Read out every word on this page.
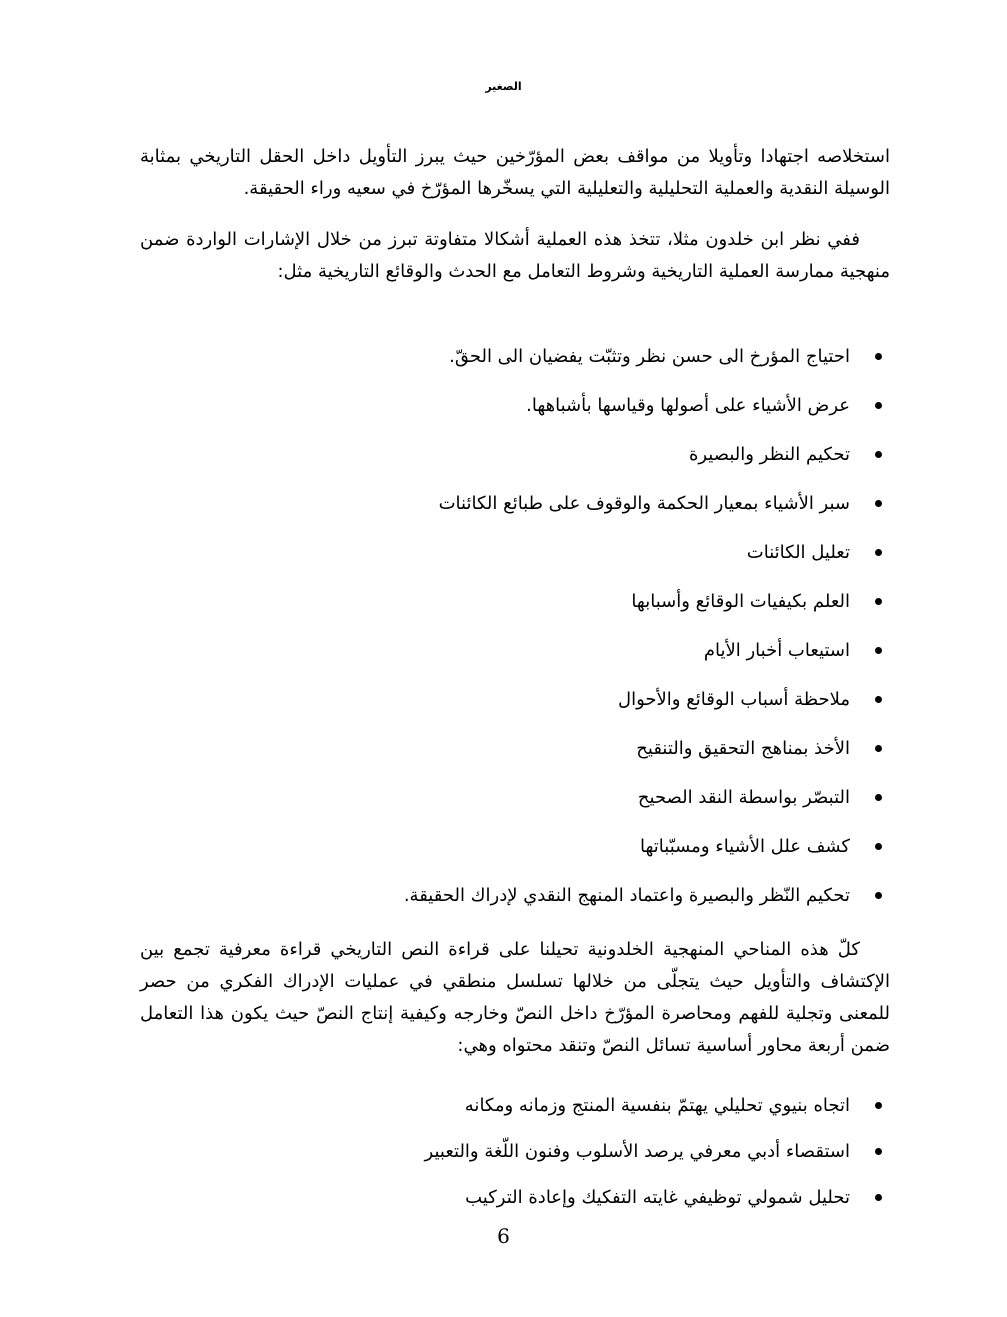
الصغير

استخلاصه اجتهادا وتأويلا من مواقف بعض المؤرّخين حيث يبرز التأويل داخل الحقل التاريخي بمثابة الوسيلة النقدية والعملية التحليلية والتعليلية التي يسخّرها المؤرّخ في سعيه وراء الحقيقة.

ففي نظر ابن خلدون مثلا، تتخذ هذه العملية أشكالا متفاوتة تبرز من خلال الإشارات الواردة ضمن منهجية ممارسة العملية التاريخية وشروط التعامل مع الحدث والوقائع التاريخية مثل:

احتياج المؤرخ الى حسن نظر وتثبّت يفضيان الى الحقّ.
عرض الأشياء على أصولها وقياسها بأشباهها.
تحكيم النظر والبصيرة
سبر الأشياء بمعيار الحكمة والوقوف على طبائع الكائنات
تعليل الكائنات
العلم بكيفيات الوقائع وأسبابها
استيعاب أخبار الأيام
ملاحظة أسباب الوقائع والأحوال
الأخذ بمناهج التحقيق والتنقيح
التبصّر بواسطة النقد الصحيح
كشف علل الأشياء ومسبّباتها
تحكيم النّظر والبصيرة واعتماد المنهج النقدي لإدراك الحقيقة.

كلّ هذه المناحي المنهجية الخلدونية تحيلنا على قراءة النص التاريخي قراءة معرفية تجمع بين الإكتشاف والتأويل حيث يتجلّى من خلالها تسلسل منطقي في عمليات الإدراك الفكري من حصر للمعنى وتجلية للفهم ومحاصرة المؤرّخ داخل النصّ وخارجه وكيفية إنتاج النصّ حيث يكون هذا التعامل ضمن أربعة محاور أساسية تسائل النصّ وتنقد محتواه وهي:

اتجاه بنيوي تحليلي يهتمّ بنفسية المنتج وزمانه ومكانه
استقصاء أدبي معرفي يرصد الأسلوب وفنون اللّغة والتعبير
تحليل شمولي توظيفي غايته التفكيك وإعادة التركيب
6
